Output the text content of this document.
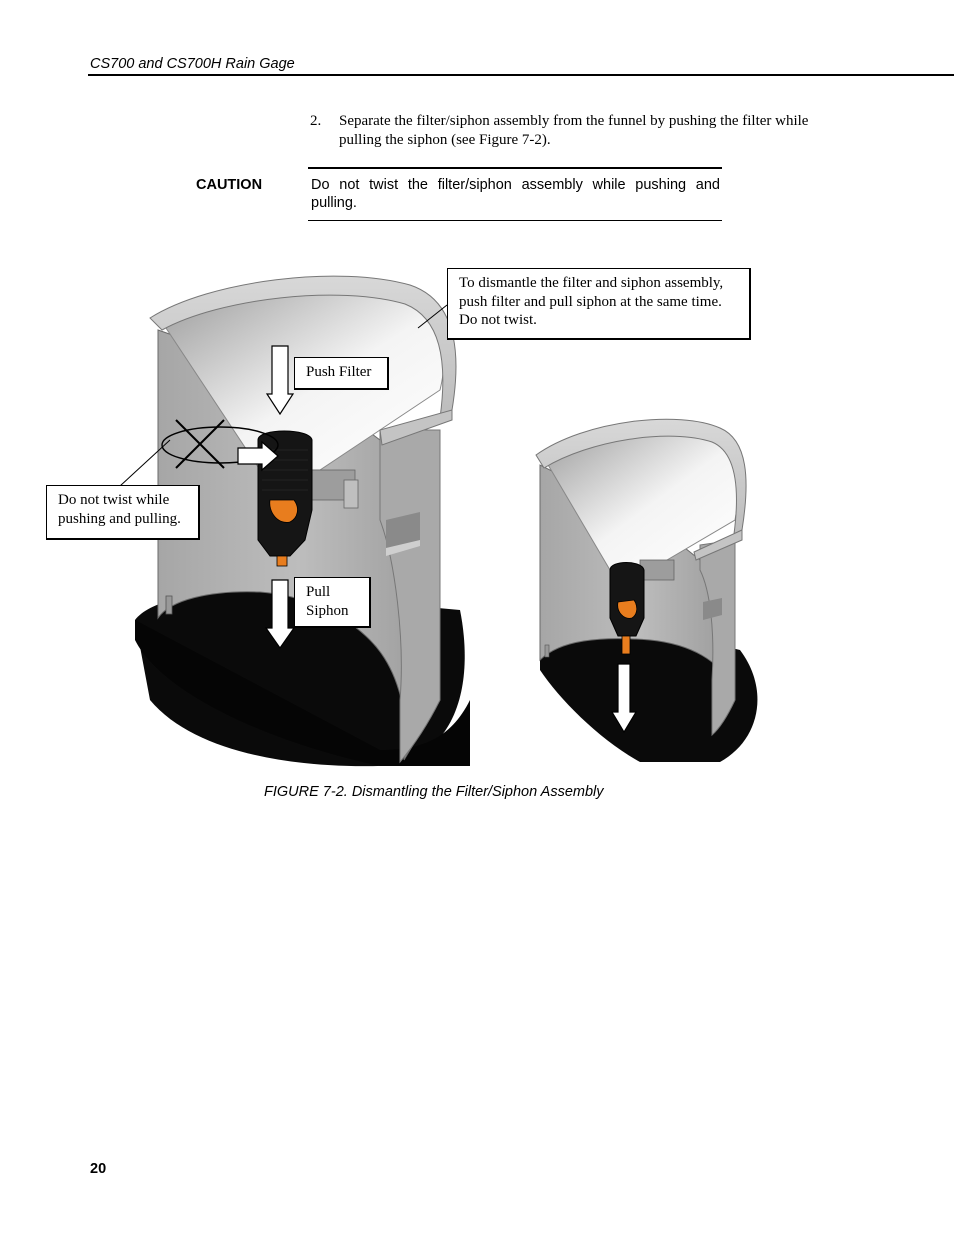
CS700 and CS700H Rain Gage
2. Separate the filter/siphon assembly from the funnel by pushing the filter while pulling the siphon (see Figure 7-2).
CAUTION	Do not twist the filter/siphon assembly while pushing and pulling.
To dismantle the filter and siphon assembly, push filter and pull siphon at the same time. Do not twist.
Push Filter
Do not twist while pushing and pulling.
Pull Siphon
FIGURE 7-2. Dismantling the Filter/Siphon Assembly
20
